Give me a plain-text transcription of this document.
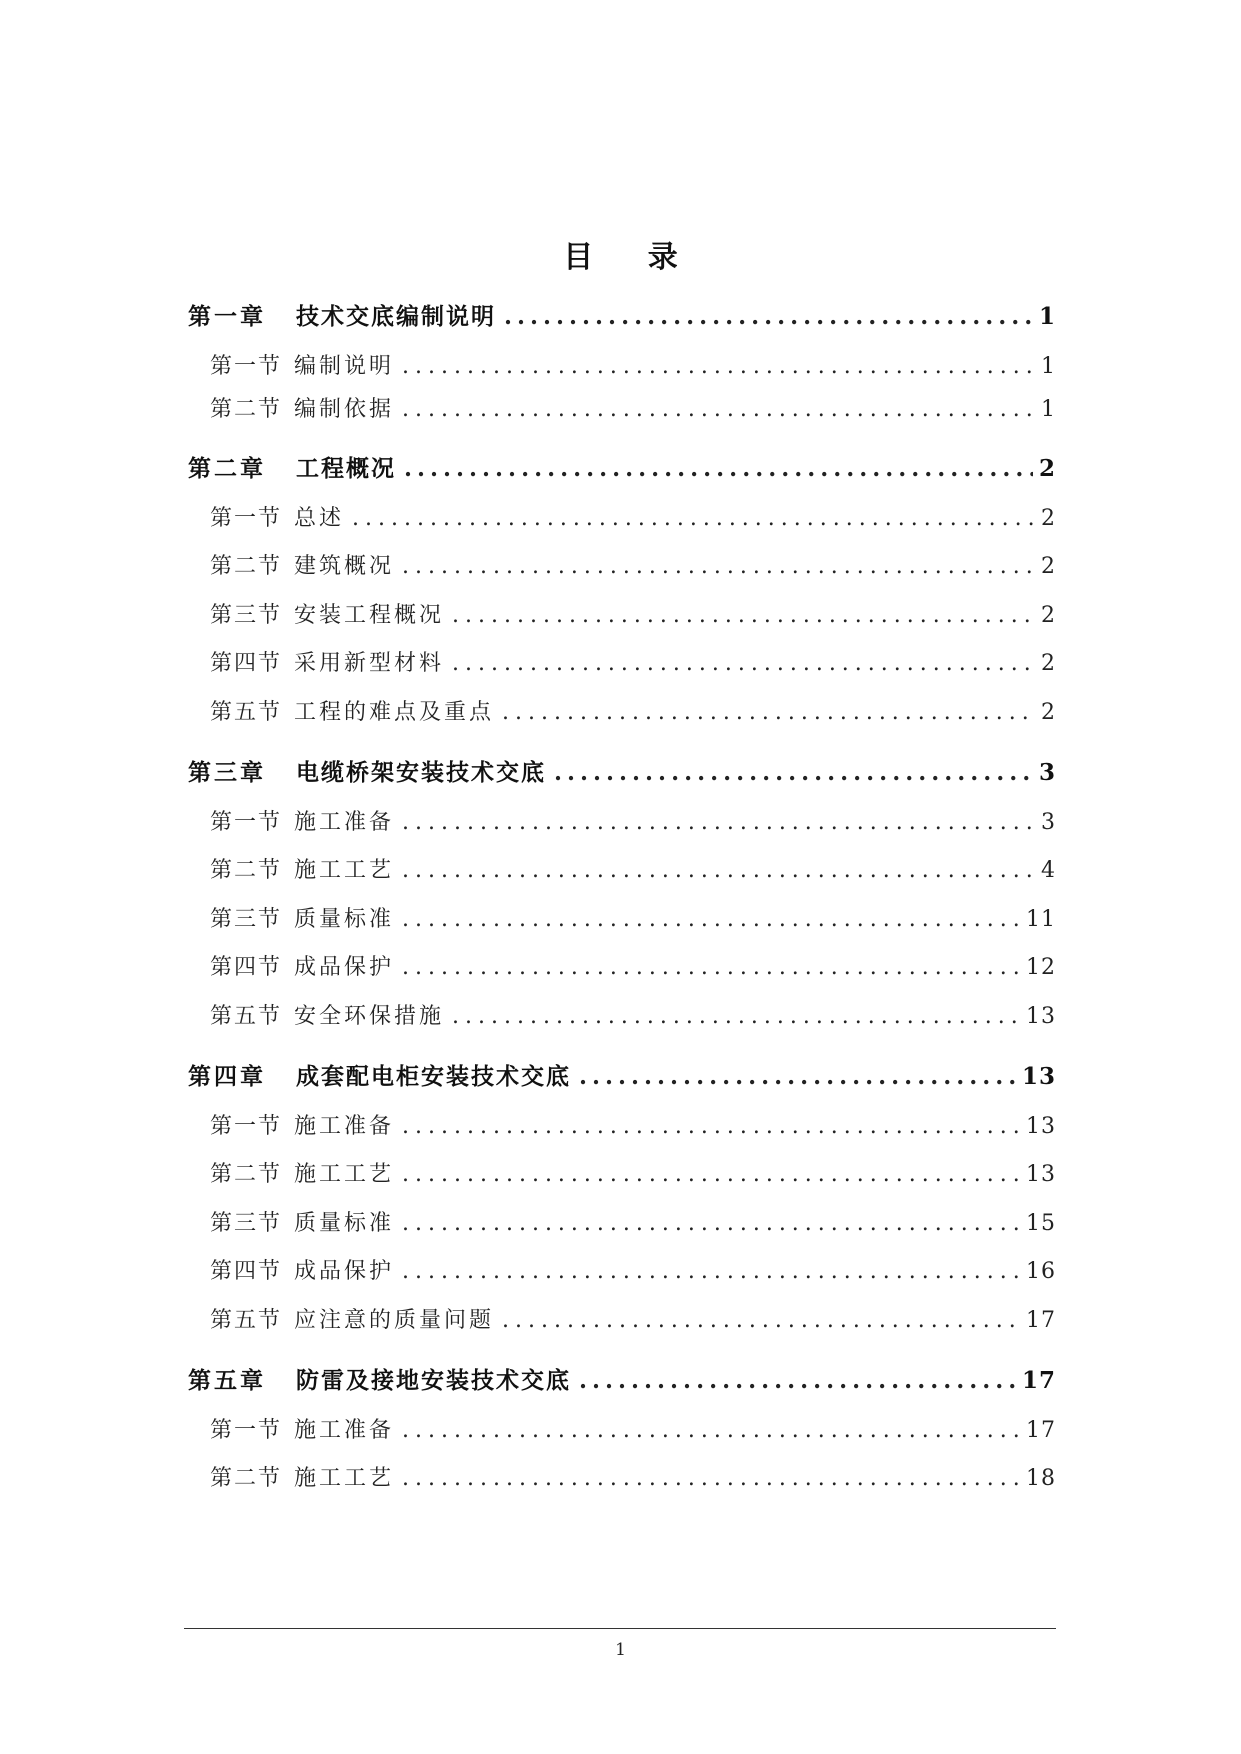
目 录
第一章	技术交底编制说明 .....	1
第一节 编制说明 .....	1
第二节 编制依据 .....	1
第二章	工程概况 .....	2
第一节 总述 .....	2
第二节 建筑概况 .....	2
第三节 安装工程概况 .....	2
第四节 采用新型材料 .....	2
第五节 工程的难点及重点 .....	2
第三章	电缆桥架安装技术交底 .....	3
第一节 施工准备 .....	3
第二节 施工工艺 .....	4
第三节 质量标准 .....	11
第四节 成品保护 .....	12
第五节 安全环保措施 .....	13
第四章	成套配电柜安装技术交底 .....	13
第一节 施工准备 .....	13
第二节 施工工艺 .....	13
第三节 质量标准 .....	15
第四节 成品保护 .....	16
第五节 应注意的质量问题 .....	17
第五章	防雷及接地安装技术交底 .....	17
第一节 施工准备 .....	17
第二节 施工工艺 .....	18
1
